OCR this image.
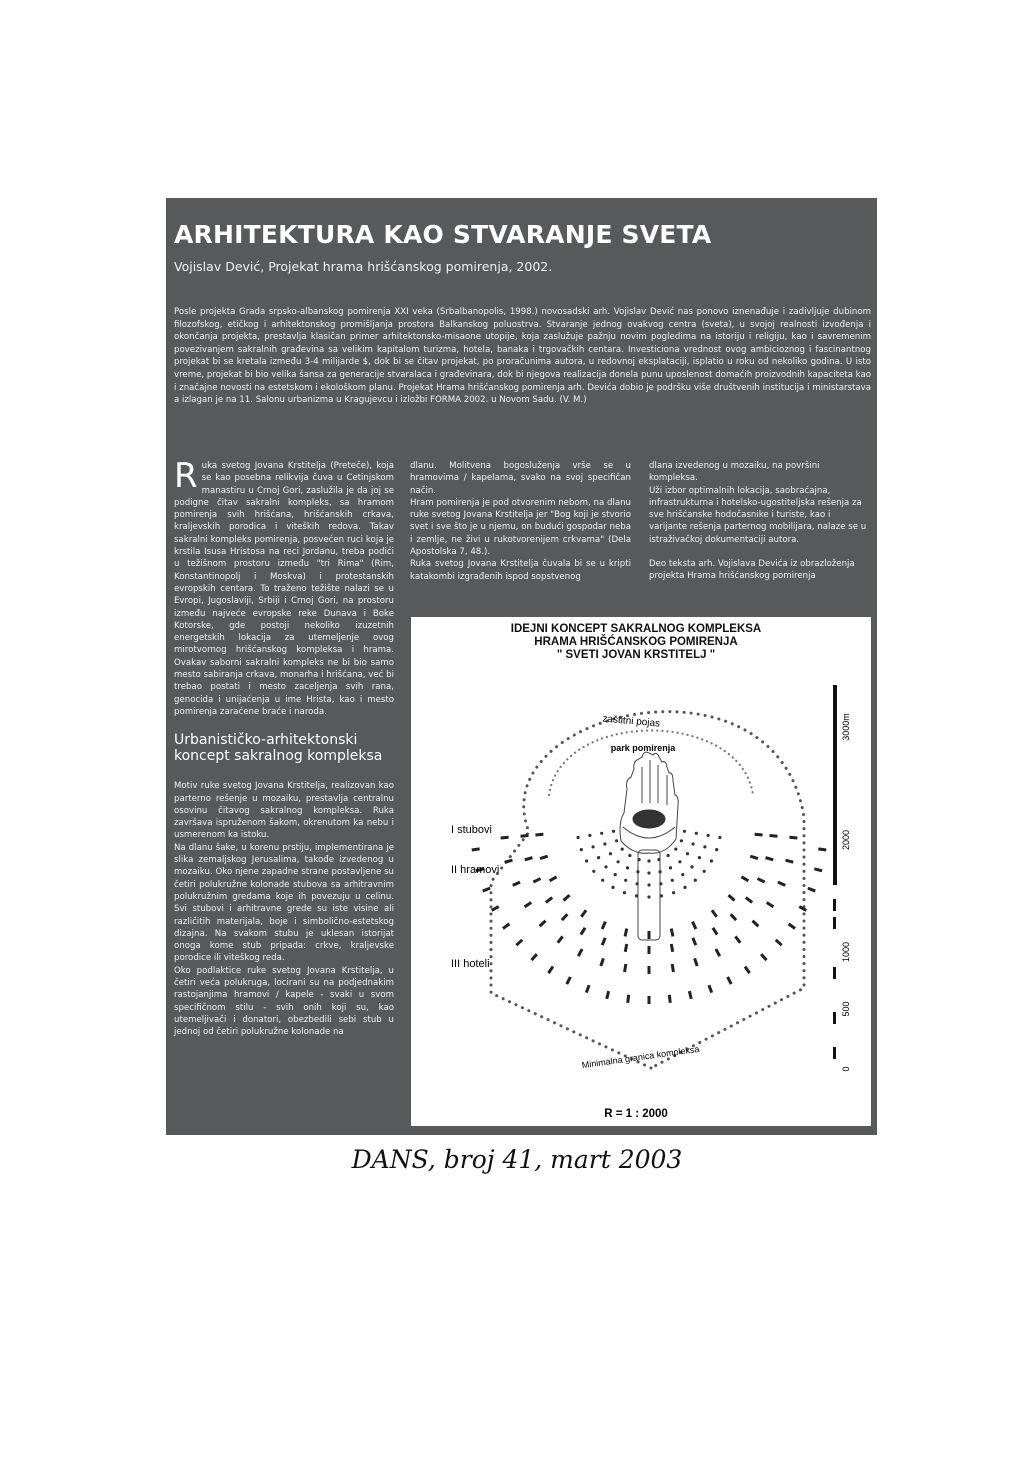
ARHITEKTURA KAO STVARANJE SVETA
Vojislav Dević, Projekat hrama hrišćanskog pomirenja, 2002.
Posle projekta Grada srpsko-albanskog pomirenja XXI veka (Srbalbanopolis, 1998.) novosadski arh. Vojislav Dević nas ponovo iznenađuje i zadivljuje dubinom filozofskog, etičkog i arhitektonskog promišljanja prostora Balkanskog poluostrva. Stvaranje jednog ovakvog centra (sveta), u svojoj realnosti izvođenja i okončanja projekta, prestavlja klasičan primer arhitektonsko-misaone utopije, koja zaslužuje pažnju novim pogledima na istoriju i religiju, kao i savremenim povezivanjem sakralnih građevina sa velikim kapitalom turizma, hotela, banaka i trgovačkih centara. Investiciona vrednost ovog ambicioznog i fascinantnog projekat bi se kretala između 3-4 milijarde $, dok bi se čitav projekat, po proračunima autora, u redovnoj eksplataciji, isplatio u roku od nekoliko godina. U isto vreme, projekat bi bio velika šansa za generacije stvaralaca i građevinara, dok bi njegova realizacija donela punu uposlenost domaćih proizvodnih kapaciteta kao i značajne novosti na estetskom i ekološkom planu. Projekat Hrama hrišćanskog pomirenja arh. Devića dobio je podršku više društvenih institucija i ministarstava a izlagan je na 11. Salonu urbanizma u Kragujevcu i izložbi FORMA 2002. u Novom Sadu. (V. M.)
R uka svetog Jovana Krstitelja (Preteče), koja se kao posebna relikvija čuva u Cetinjskom manastiru u Crnoj Gori, zaslužila je da joj se podigne čitav sakralni kompleks, sa hramom pomirenja svih hrišćana, hrišćanskih crkava, kraljevskih porodica i viteških redova. Takav sakralni kompleks pomirenja, posvećen ruci koja je krstila Isusa Hristosa na reci Jordanu, treba podići u težišnom prostoru između "tri Rima" (Rim, Konstantinopolj i Moskva) i protestanskih evropskih centara. To traženo težište nalazi se u Evropi, Jugoslaviji, Srbiji i Crnoj Gori, na prostoru između najveće evropske reke Dunava i Boke Kotorske, gde postoji nekoliko izuzetnih energetskih lokacija za utemeljenje ovog mirotvornog hrišćanskog kompleksa i hrama. Ovakav saborni sakralni kompleks ne bi bio samo mesto sabiranja crkava, monarha i hrišćana, već bi trebao postati i mesto zaceljenja svih rana, genocida i unijaćenja u ime Hrista, kao i mesto pomirenja zaraćene braće i naroda.

Urbanističko-arhitektonski koncept sakralnog kompleksa

Motiv ruke svetog Jovana Krstitelja, realizovan kao parterno rešenje u mozaiku, prestavlja centralnu osovinu čitavog sakralnog kompleksa. Ruka završava ispruženom šakom, okrenutom ka nebu i usmerenom ka istoku.

Na dlanu šake, u korenu prstiju, implementirana je slika zemaljskog Jerusalima, takođe izvedenog u mozaiku. Oko njene zapadne strane postavljene su četiri polukružne kolonade stubova sa arhitravnim polukružnim gredama koje ih povezuju u celinu. Svi stubovi i arhitravne grede su iste visine ali različitih materijala, boje i simbolično-estetskog dizajna. Na svakom stubu je uklesan istorijat onoga kome stub pripada: crkve, kraljevske porodice ili viteškog reda.

Oko podlaktice ruke svetog Jovana Krstitelja, u četiri veća polukruga, locirani su na podjednakim rastojanjima hramovi / kapele - svaki u svom specifičnom stilu - svih onih koji su, kao utemeljivači i donatori, obezbedili sebi stub u jednoj od četiri polukružne kolonade na

dlanu. Molitvena bogosluženja vrše se u hramovima / kapelama, svako na svoj specifičan način.

Hram pomirenja je pod otvorenim nebom, na dlanu ruke svetog Jovana Krstitelja jer "Bog koji je stvorio svet i sve što je u njemu, on budući gospodar neba i zemlje, ne živi u rukotvorenijem crkvama" (Dela Apostolska 7, 48.).

Ruka svetog Jovana Krstitelja čuvala bi se u kripti katakombi izgrađenih ispod sopstvenog

dlana izvedenog u mozaiku, na površini kompleksa.

Uži izbor optimalnih lokacija, saobraćajna, infrastrukturna i hotelsko-ugostiteljska rešenja za sve hrišćanske hodočasnike i turiste, kao i varijante rešenja parternog mobilijara, nalaze se u istraživačkoj dokumentaciji autora.

Deo teksta arh. Vojislava Devića iz obrazloženja projekta Hrama hrišćanskog pomirenja

IDEJNI KONCEPT SAKRALNOG KOMPLEKSA
HRAMA HRIŠĆANSKOG POMIRENJA
" SVETI JOVAN KRSTITELJ "
zaštitni pojas
park pomirenja
I stubovi
II hramovi
III hoteli
Minimalna granica kompleksa
3000m
2000
1000
500
0
R = 1 : 2000
DANS, broj 41, mart 2003
